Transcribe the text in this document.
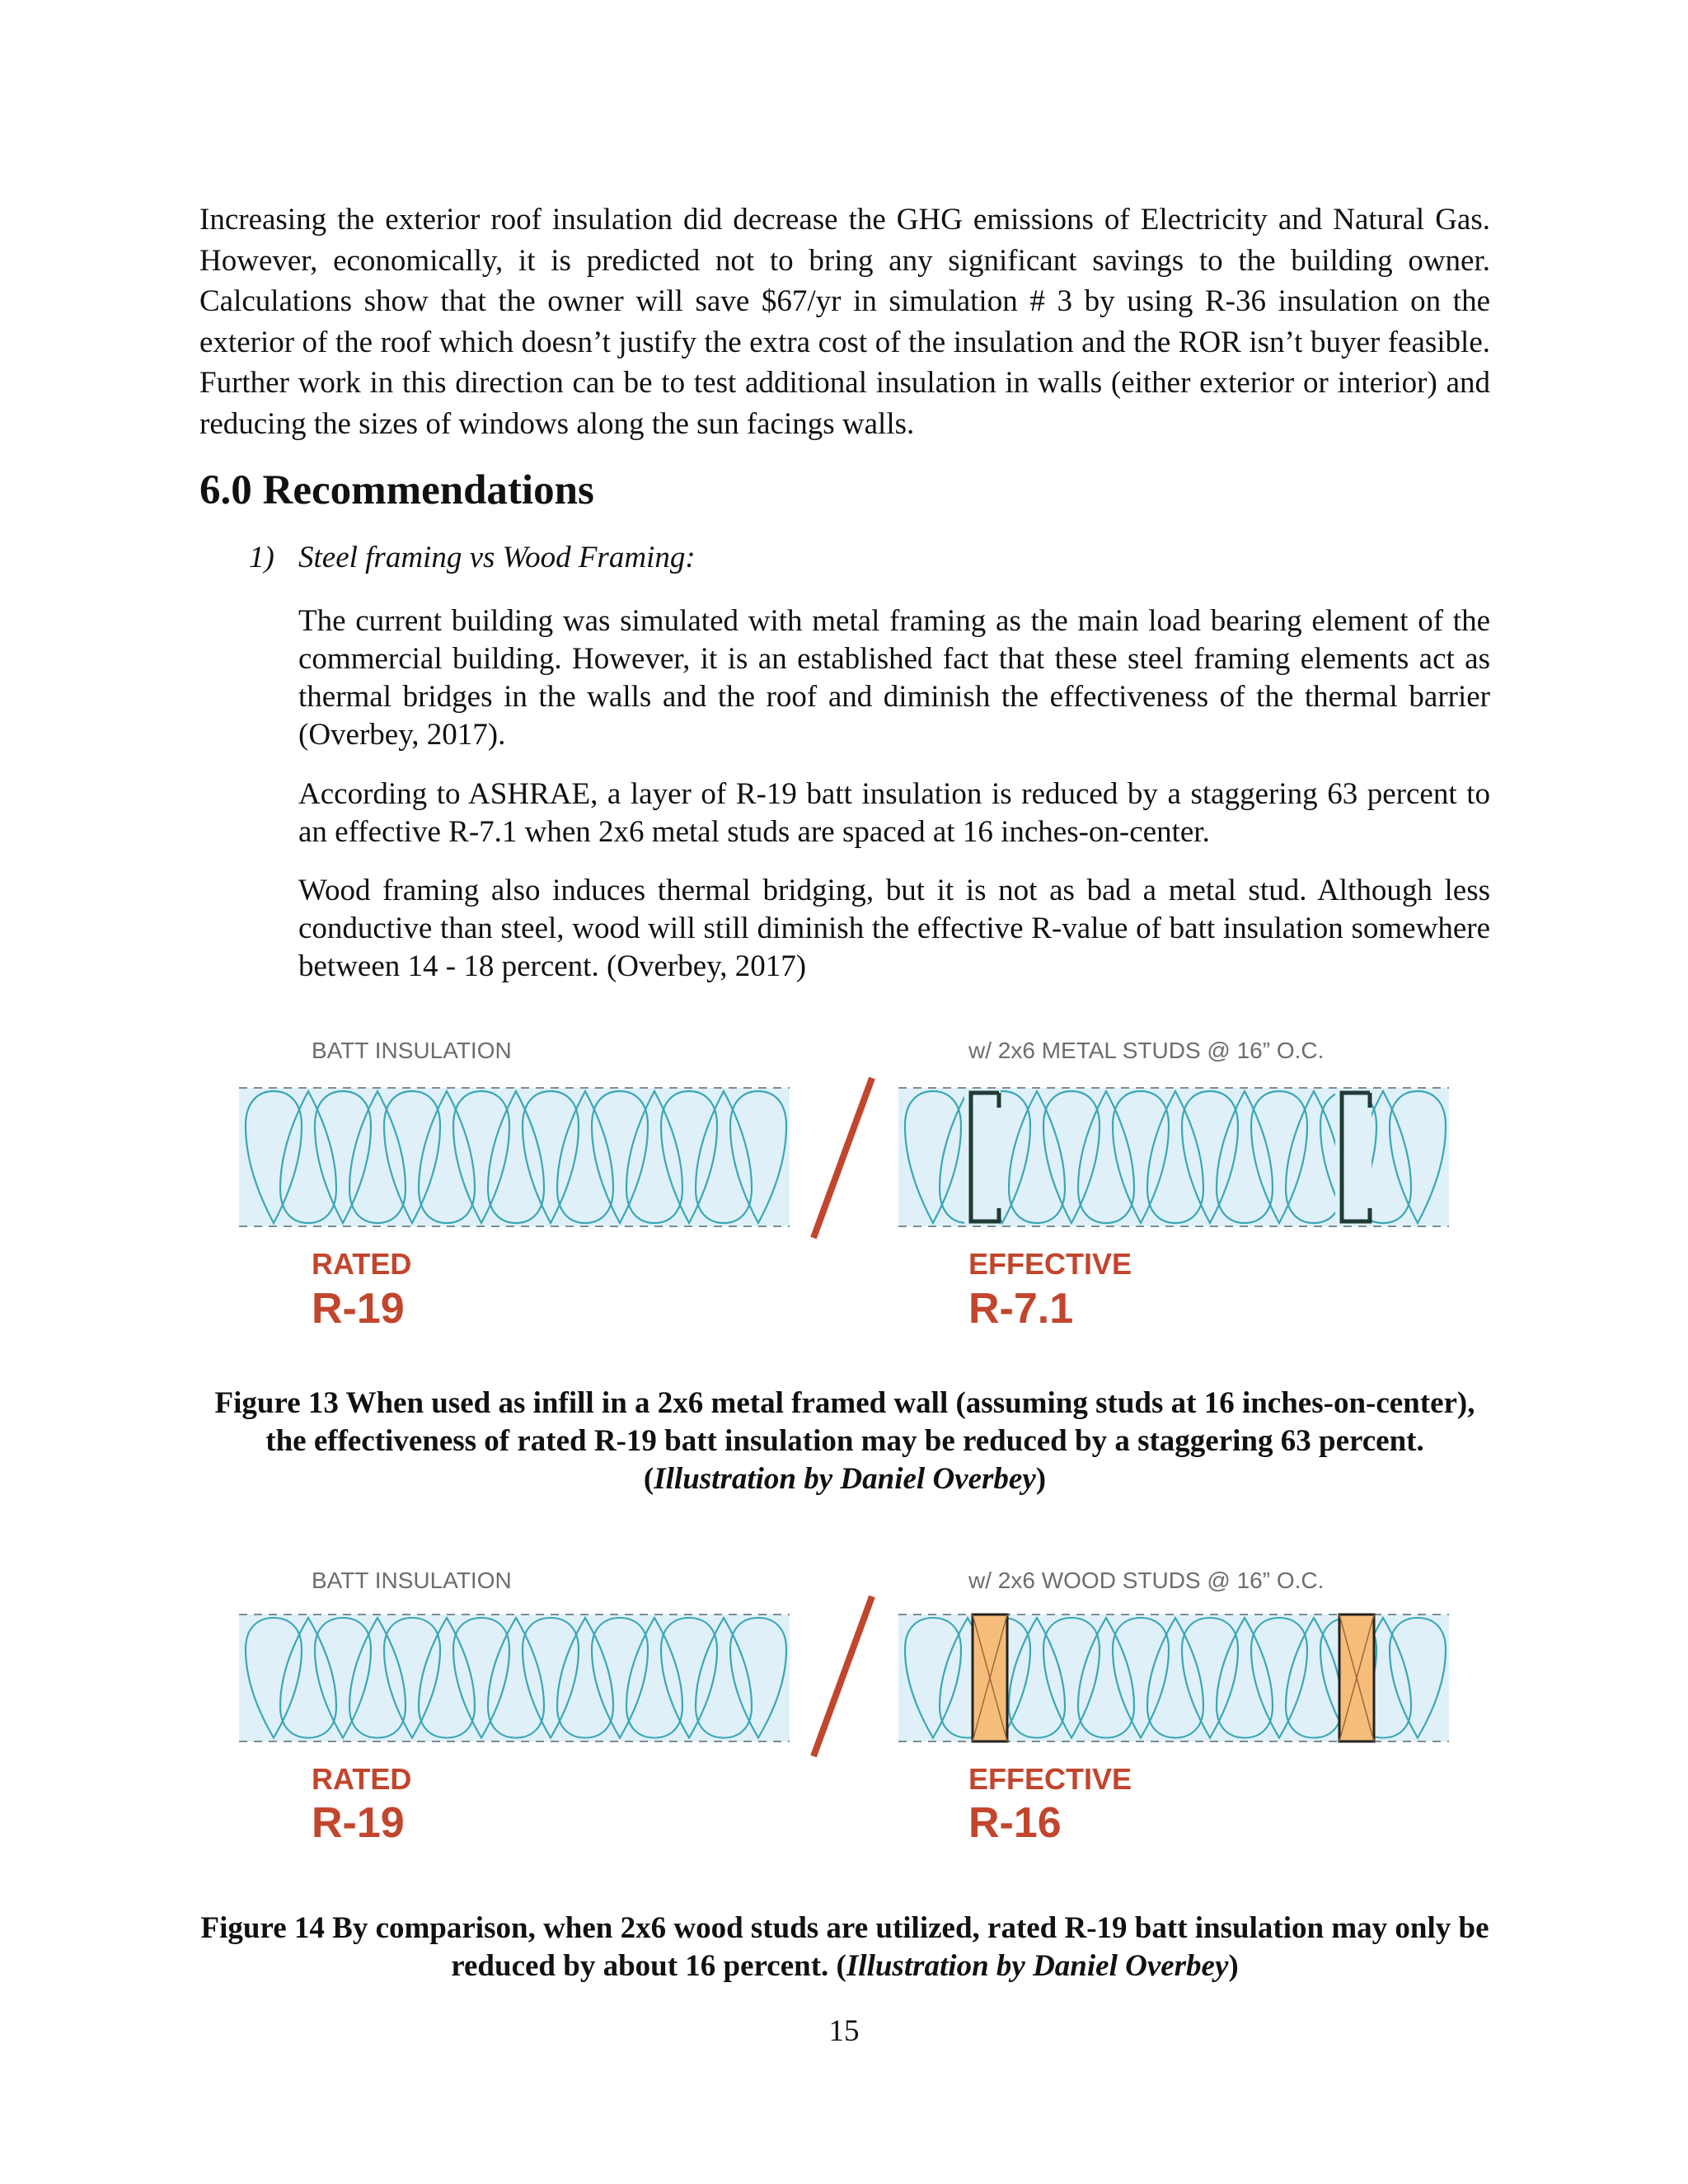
Increasing the exterior roof insulation did decrease the GHG emissions of Electricity and Natural Gas. However, economically, it is predicted not to bring any significant savings to the building owner. Calculations show that the owner will save $67/yr in simulation # 3 by using R-36 insulation on the exterior of the roof which doesn’t justify the extra cost of the insulation and the ROR isn’t buyer feasible. Further work in this direction can be to test additional insulation in walls (either exterior or interior) and reducing the sizes of windows along the sun facings walls.

6.0 Recommendations

1) Steel framing vs Wood Framing:

The current building was simulated with metal framing as the main load bearing element of the commercial building. However, it is an established fact that these steel framing elements act as thermal bridges in the walls and the roof and diminish the effectiveness of the thermal barrier (Overbey, 2017).

According to ASHRAE, a layer of R-19 batt insulation is reduced by a staggering 63 percent to an effective R-7.1 when 2x6 metal studs are spaced at 16 inches-on-center.

Wood framing also induces thermal bridging, but it is not as bad a metal stud. Although less conductive than steel, wood will still diminish the effective R-value of batt insulation somewhere between 14 - 18 percent. (Overbey, 2017)

BATT INSULATION	w/ 2x6 METAL STUDS @ 16” O.C.
RATED
R-19
EFFECTIVE
R-7.1

Figure 13 When used as infill in a 2x6 metal framed wall (assuming studs at 16 inches-on-center), the effectiveness of rated R-19 batt insulation may be reduced by a staggering 63 percent. (Illustration by Daniel Overbey)

BATT INSULATION	w/ 2x6 WOOD STUDS @ 16” O.C.
RATED
R-19
EFFECTIVE
R-16

Figure 14 By comparison, when 2x6 wood studs are utilized, rated R-19 batt insulation may only be reduced by about 16 percent. (Illustration by Daniel Overbey)

15
